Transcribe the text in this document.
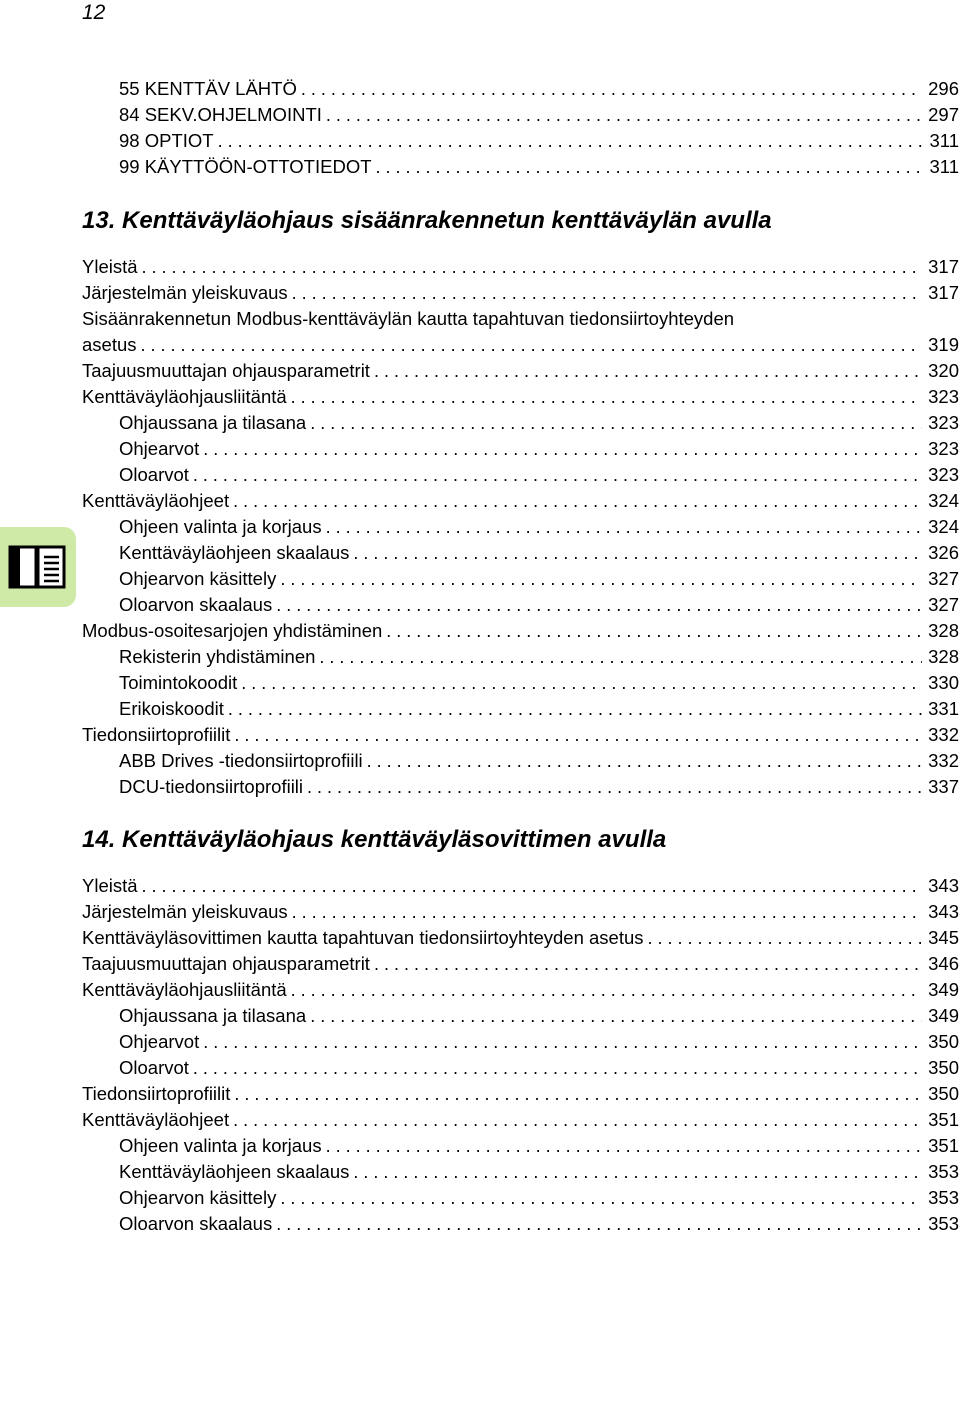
12
55 KENTTÄV LÄHTÖ . . .	296
84 SEKV.OHJELMOINTI . . .	297
98 OPTIOT . . .	311
99 KÄYTTÖÖN-OTTOTIEDOT . . .	311
13. Kenttäväyläohjaus sisäänrakennetun kenttäväylän avulla
Yleistä . . .	317
Järjestelmän yleiskuvaus . . .	317
Sisäänrakennetun Modbus-kenttäväylän kautta tapahtuvan tiedonsiirtoyhteyden
asetus . . .	319
Taajuusmuuttajan ohjausparametrit . . .	320
Kenttäväyläohjausliitäntä . . .	323
Ohjaussana ja tilasana . . .	323
Ohjearvot . . .	323
Oloarvot . . .	323
Kenttäväyläohjeet . . .	324
Ohjeen valinta ja korjaus . . .	324
Kenttäväyläohjeen skaalaus . . .	326
Ohjearvon käsittely . . .	327
Oloarvon skaalaus . . .	327
Modbus-osoitesarjojen yhdistäminen . . .	328
Rekisterin yhdistäminen . . .	328
Toimintokoodit . . .	330
Erikoiskoodit . . .	331
Tiedonsiirtoprofiilit . . .	332
ABB Drives -tiedonsiirtoprofiili . . .	332
DCU-tiedonsiirtoprofiili . . .	337
14. Kenttäväyläohjaus kenttäväyläsovittimen avulla
Yleistä . . .	343
Järjestelmän yleiskuvaus . . .	343
Kenttäväyläsovittimen kautta tapahtuvan tiedonsiirtoyhteyden asetus . . .	345
Taajuusmuuttajan ohjausparametrit . . .	346
Kenttäväyläohjausliitäntä . . .	349
Ohjaussana ja tilasana . . .	349
Ohjearvot . . .	350
Oloarvot . . .	350
Tiedonsiirtoprofiilit . . .	350
Kenttäväyläohjeet . . .	351
Ohjeen valinta ja korjaus . . .	351
Kenttäväyläohjeen skaalaus . . .	353
Ohjearvon käsittely . . .	353
Oloarvon skaalaus . . .	353
